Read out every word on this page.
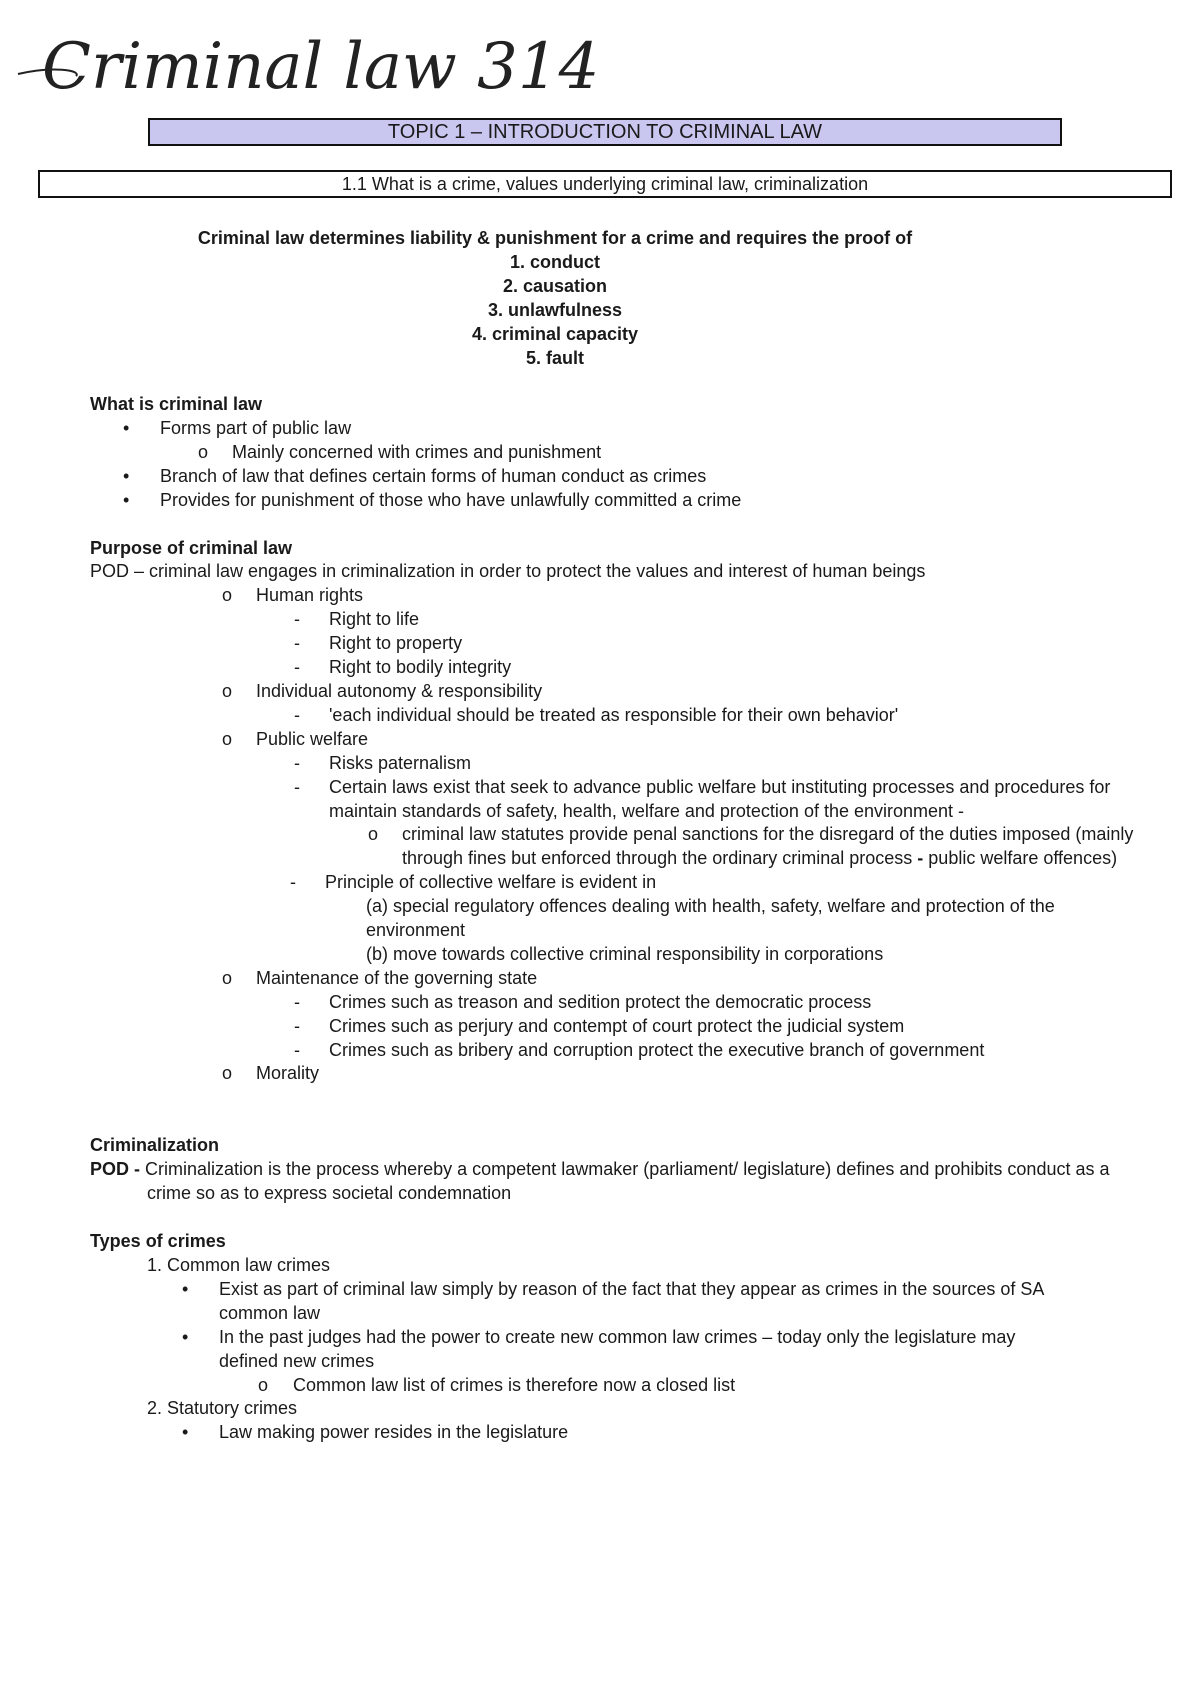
Criminal law 314
TOPIC 1 – INTRODUCTION TO CRIMINAL LAW
1.1 What is a crime, values underlying criminal law, criminalization
Criminal law determines liability & punishment for a crime and requires the proof of
1. conduct
2. causation
3. unlawfulness
4. criminal capacity
5. fault

What is criminal law

• Forms part of public law
o Mainly concerned with crimes and punishment
• Branch of law that defines certain forms of human conduct as crimes
• Provides for punishment of those who have unlawfully committed a crime

Purpose of criminal law

POD – criminal law engages in criminalization in order to protect the values and interest of human beings

o Human rights
- Right to life
- Right to property
- Right to bodily integrity
o Individual autonomy & responsibility
- 'each individual should be treated as responsible for their own behavior'
o Public welfare
- Risks paternalism
- Certain laws exist that seek to advance public welfare but instituting processes and procedures for maintain standards of safety, health, welfare and protection of the environment -
o criminal law statutes provide penal sanctions for the disregard of the duties imposed (mainly through fines but enforced through the ordinary criminal process - public welfare offences)
- Principle of collective welfare is evident in

(a) special regulatory offences dealing with health, safety, welfare and protection of the environment

(b) move towards collective criminal responsibility in corporations

o Maintenance of the governing state
- Crimes such as treason and sedition protect the democratic process
- Crimes such as perjury and contempt of court protect the judicial system
- Crimes such as bribery and corruption protect the executive branch of government
o Morality

Criminalization

POD - Criminalization is the process whereby a competent lawmaker (parliament/ legislature) defines and prohibits conduct as a crime so as to express societal condemnation

Types of crimes

1. Common law crimes

• Exist as part of criminal law simply by reason of the fact that they appear as crimes in the sources of SA common law
• In the past judges had the power to create new common law crimes – today only the legislature may defined new crimes
o Common law list of crimes is therefore now a closed list

2. Statutory crimes

• Law making power resides in the legislature
